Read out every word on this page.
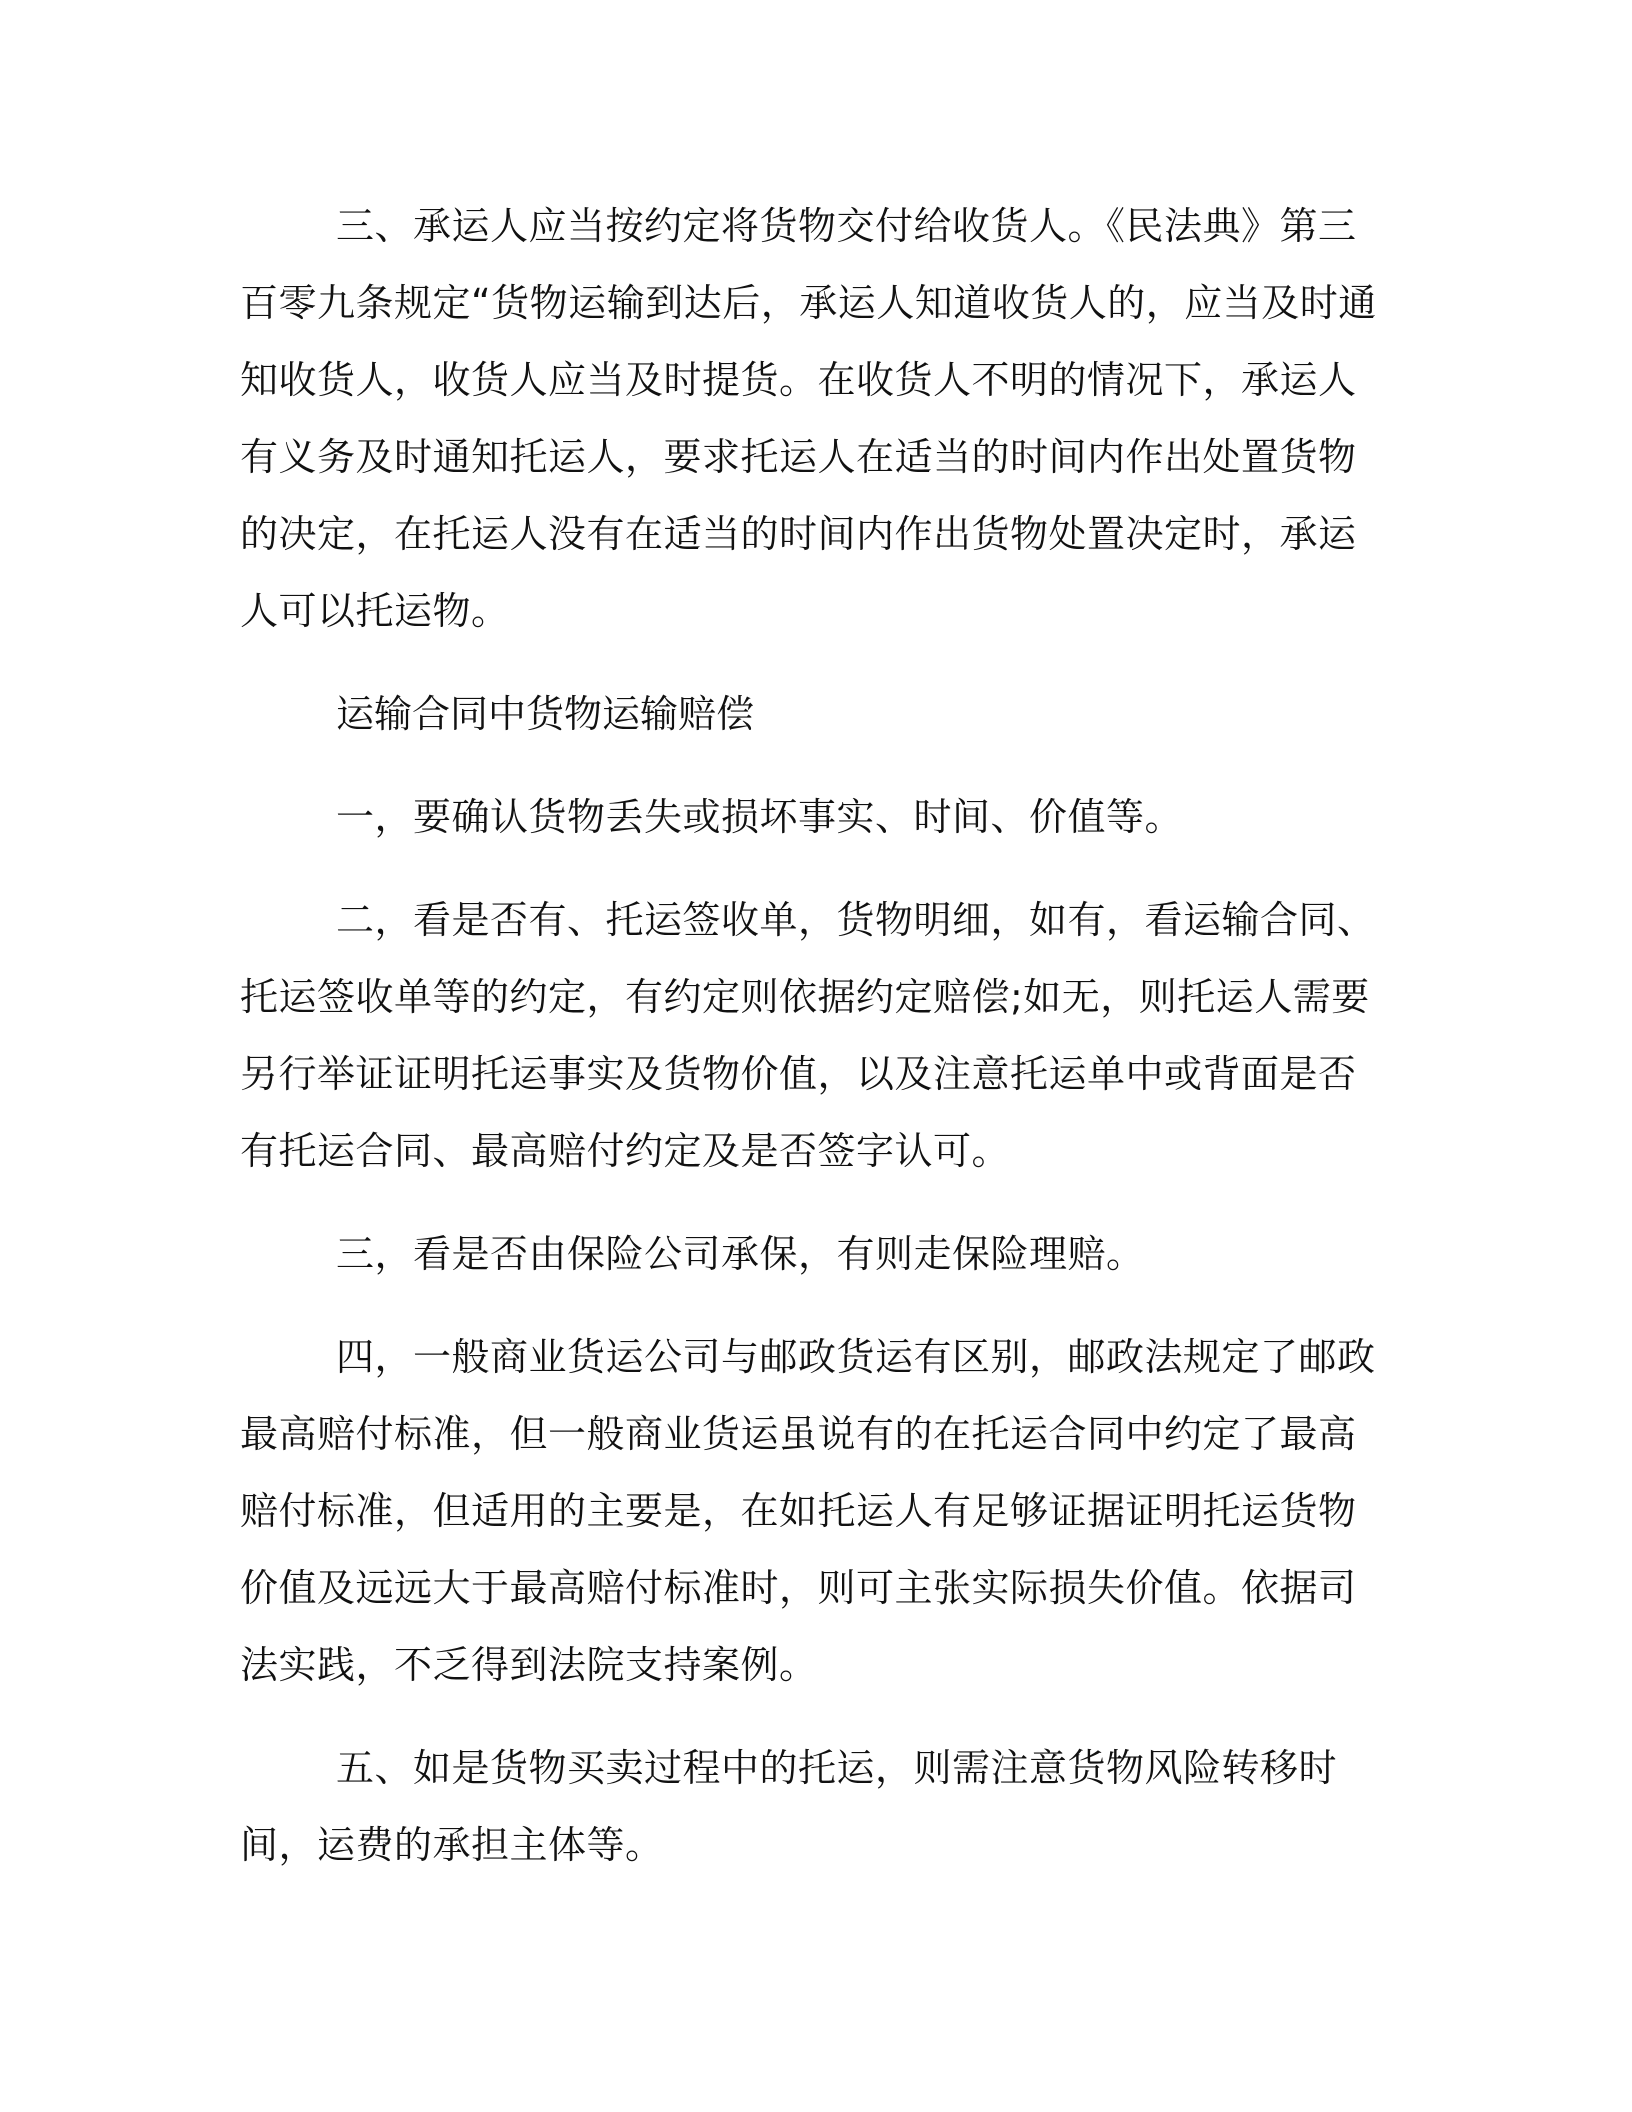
三、承运人应当按约定将货物交付给收货人。《民法典》第三百零九条规定“货物运输到达后，承运人知道收货人的，应当及时通知收货人，收货人应当及时提货。在收货人不明的情况下，承运人有义务及时通知托运人，要求托运人在适当的时间内作出处置货物的决定，在托运人没有在适当的时间内作出货物处置决定时，承运人可以托运物。

运输合同中货物运输赔偿

一，要确认货物丢失或损坏事实、时间、价值等。

二，看是否有、托运签收单，货物明细，如有，看运输合同、托运签收单等的约定，有约定则依据约定赔偿;如无，则托运人需要另行举证证明托运事实及货物价值，以及注意托运单中或背面是否有托运合同、最高赔付约定及是否签字认可。

三，看是否由保险公司承保，有则走保险理赔。

四，一般商业货运公司与邮政货运有区别，邮政法规定了邮政最高赔付标准，但一般商业货运虽说有的在托运合同中约定了最高赔付标准，但适用的主要是，在如托运人有足够证据证明托运货物价值及远远大于最高赔付标准时，则可主张实际损失价值。依据司法实践，不乏得到法院支持案例。

五、如是货物买卖过程中的托运，则需注意货物风险转移时间，运费的承担主体等。
